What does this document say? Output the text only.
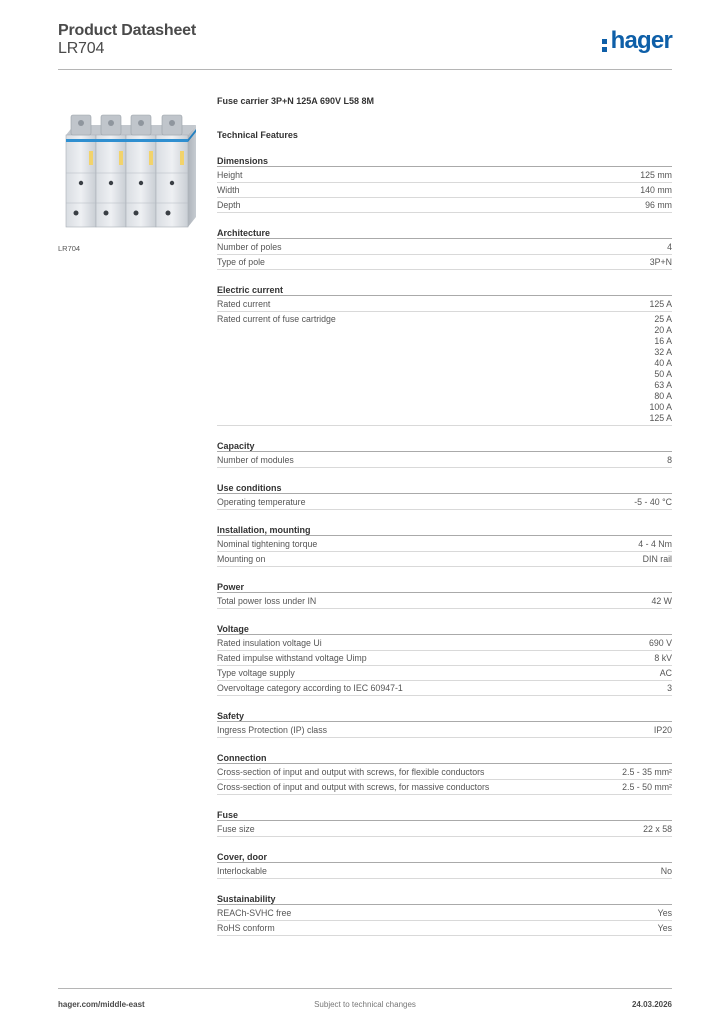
Product Datasheet
LR704	hager
LR704
Fuse carrier 3P+N 125A 690V L58 8M
Technical Features
Dimensions
Height	125 mm
Width	140 mm
Depth	96 mm
Architecture
Number of poles	4
Type of pole	3P+N
Electric current
Rated current	125 A
Rated current of fuse cartridge	25 A
20 A
16 A
32 A
40 A
50 A
63 A
80 A
100 A
125 A
Capacity
Number of modules	8
Use conditions
Operating temperature	-5 - 40 °C
Installation, mounting
Nominal tightening torque	4 - 4 Nm
Mounting on	DIN rail
Power
Total power loss under IN	42 W
Voltage
Rated insulation voltage Ui	690 V
Rated impulse withstand voltage Uimp	8 kV
Type voltage supply	AC
Overvoltage category according to IEC 60947-1	3
Safety
Ingress Protection (IP) class	IP20
Connection
Cross-section of input and output with screws, for flexible conductors	2.5 - 35 mm²
Cross-section of input and output with screws, for massive conductors	2.5 - 50 mm²
Fuse
Fuse size	22 x 58
Cover, door
Interlockable	No
Sustainability
REACh-SVHC free	Yes
RoHS conform	Yes
hager.com/middle-east	Subject to technical changes	24.03.2026
